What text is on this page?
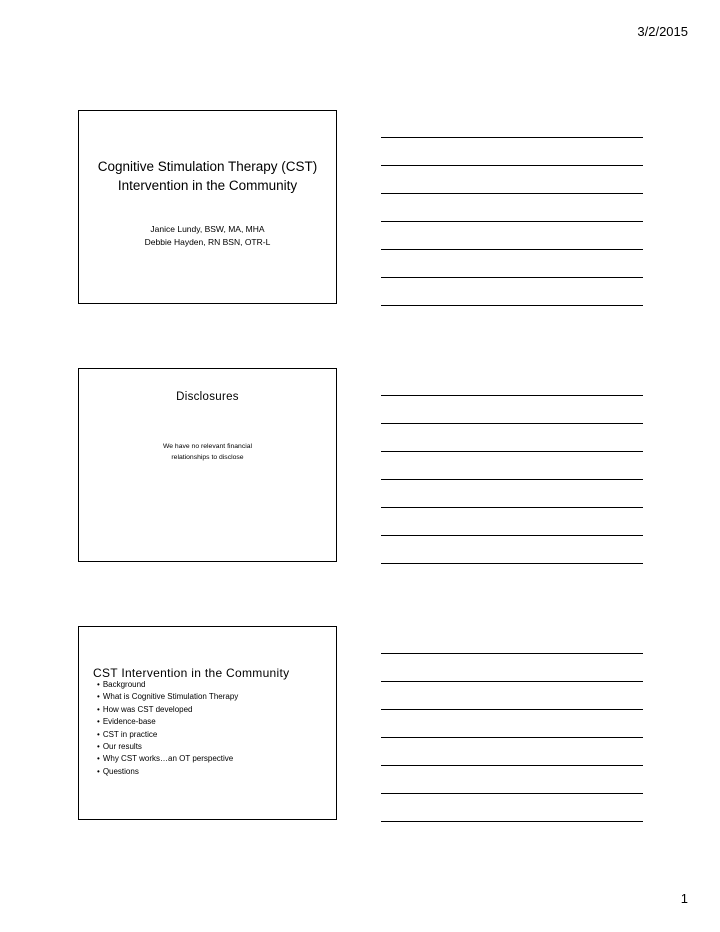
3/2/2015
Cognitive Stimulation Therapy (CST)
Intervention in the Community
Janice Lundy, BSW, MA, MHA
Debbie Hayden, RN BSN, OTR-L
Disclosures
We have no relevant financial
relationships to disclose
CST Intervention in the Community
• Background
• What is Cognitive Stimulation Therapy
• How was CST developed
• Evidence-base
• CST in practice
• Our results
• Why CST works…an OT perspective
• Questions
1
